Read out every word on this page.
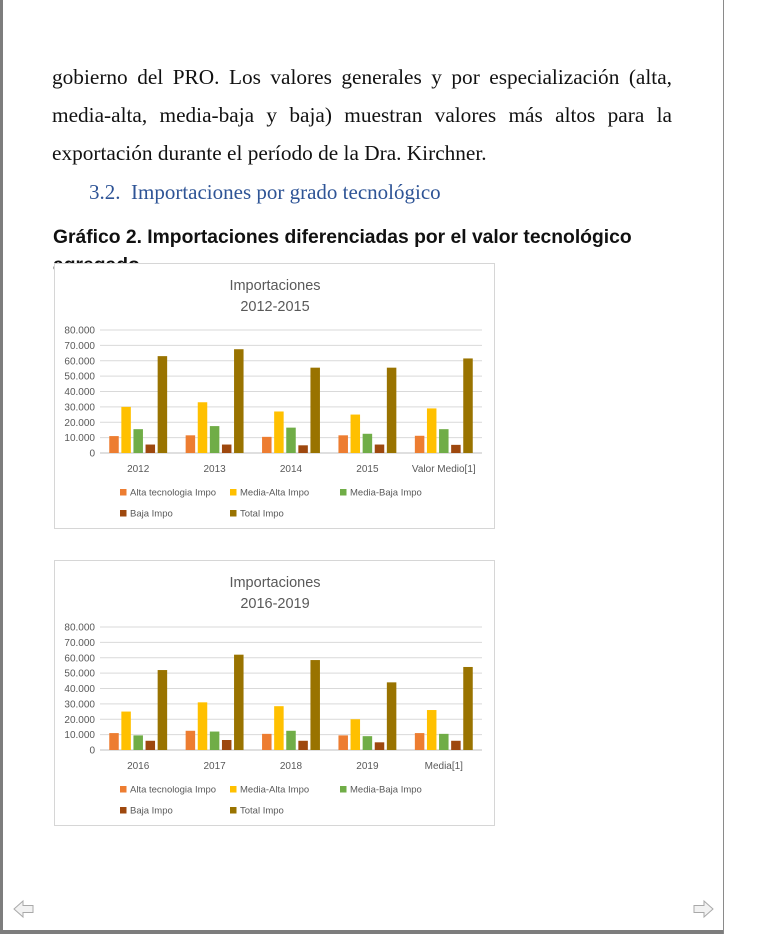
gobierno del PRO. Los valores generales y por especialización (alta,
media-alta, media-baja y baja) muestran valores más altos para la
exportación durante el período de la Dra. Kirchner.
3.2. Importaciones por grado tecnológico
Gráfico 2. Importaciones diferenciadas por el valor tecnológico
Importaciones
2012-2015
0
10.000
20.000
30.000
40.000
50.000
60.000
70.000
80.000
2012	2013	2014	2015	Valor Medio[1]
Alta tecnologia Impo	Media-Alta Impo	Media-Baja Impo
Baja Impo	Total Impo
Importaciones
2016-2019
0
10.000
20.000
30.000
40.000
50.000
60.000
70.000
80.000
2016	2017	2018	2019	Media[1]
Alta tecnologia Impo	Media-Alta Impo	Media-Baja Impo
Baja Impo	Total Impo
